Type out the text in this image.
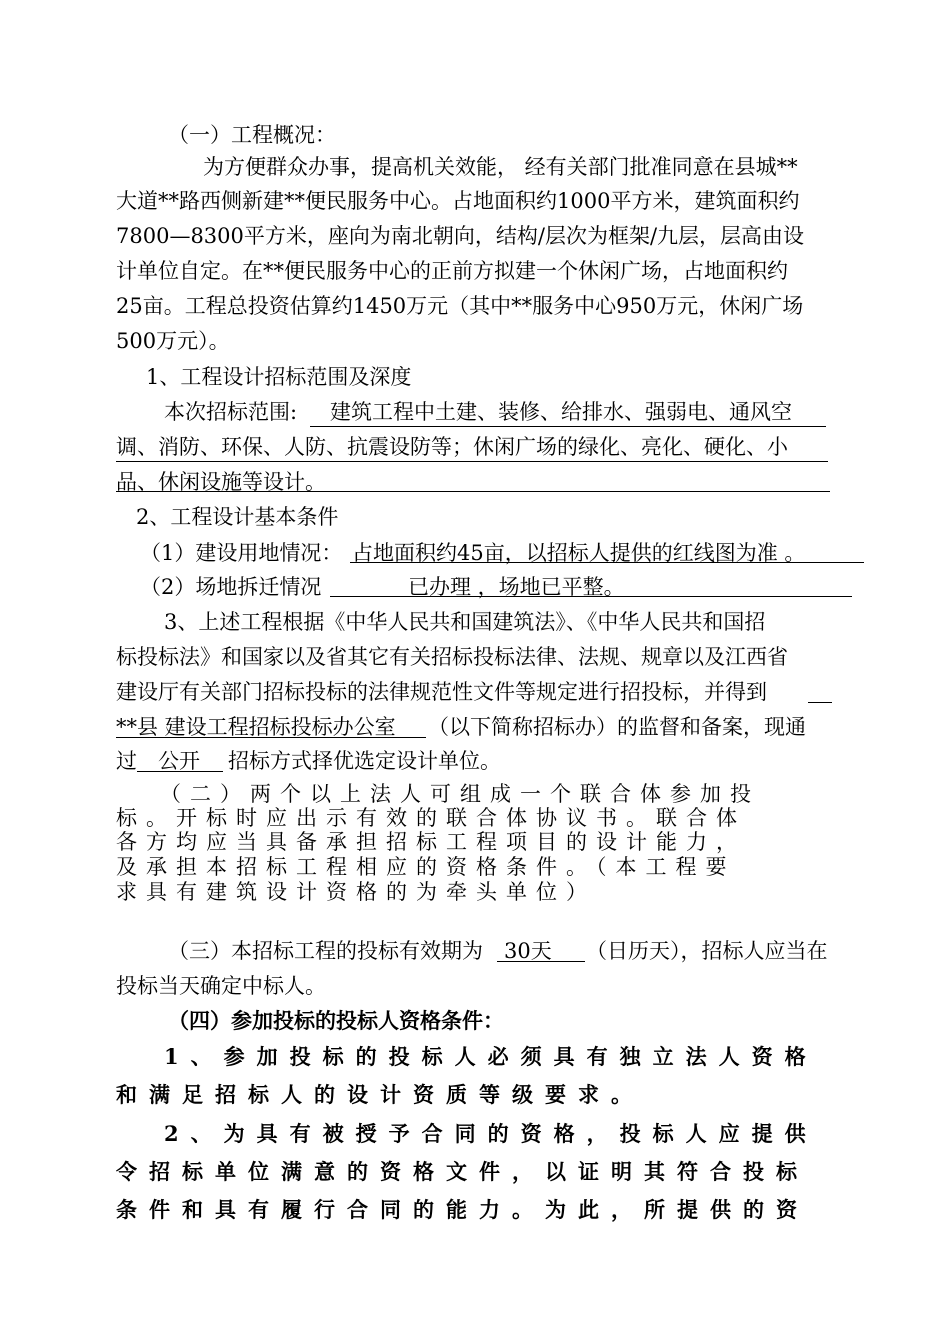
（一）工程概况：
为方便群众办事，提高机关效能， 经有关部门批准同意在县城**
大道**路西侧新建**便民服务中心。占地面积约1000平方米，建筑面积约
7800—8300平方米，座向为南北朝向，结构/层次为框架/九层，层高由设
计单位自定。在**便民服务中心的正前方拟建一个休闲广场，占地面积约
25亩。工程总投资估算约1450万元（其中**服务中心950万元，休闲广场
500万元）。
1、工程设计招标范围及深度
本次招标范围: 建筑工程中土建、装修、给排水、强弱电、通风空
调、消防、环保、人防、抗震设防等；休闲广场的绿化、亮化、硬化、小
品、休闲设施等设计。
2、工程设计基本条件
（1）建设用地情况： 占地面积约45亩，以招标人提供的红线图为准 。
（2）场地拆迁情况	已办理 ，场地已平整。
3、上述工程根据《中华人民共和国建筑法》、《中华人民共和国招
标投标法》和国家以及省其它有关招标投标法律、法规、规章以及江西省
建设厅有关部门招标投标的法律规范性文件等规定进行招投标，并得到
**县 建设工程招标投标办公室 （以下简称招标办）的监督和备案，现通
过 公开 招标方式择优选定设计单位。
（二）两个以上法人可组成一个联合体参加投
标。开标时应出示有效的联合体协议书。联合体
各方均应当具备承担招标工程项目的设计能力，
及承担本招标工程相应的资格条件。（本工程要
求具有建筑设计资格的为牵头单位）
（三）本招标工程的投标有效期为 30天 （日历天），招标人应当在
投标当天确定中标人。
（四）参加投标的投标人资格条件：
1、参加投标的投标人必须具有独立法人资格
和满足招标人的设计资质等级要求。
2、为具有被授予合同的资格，投标人应提供
令招标单位满意的资格文件，以证明其符合投标
条件和具有履行合同的能力。为此，所提供的资
